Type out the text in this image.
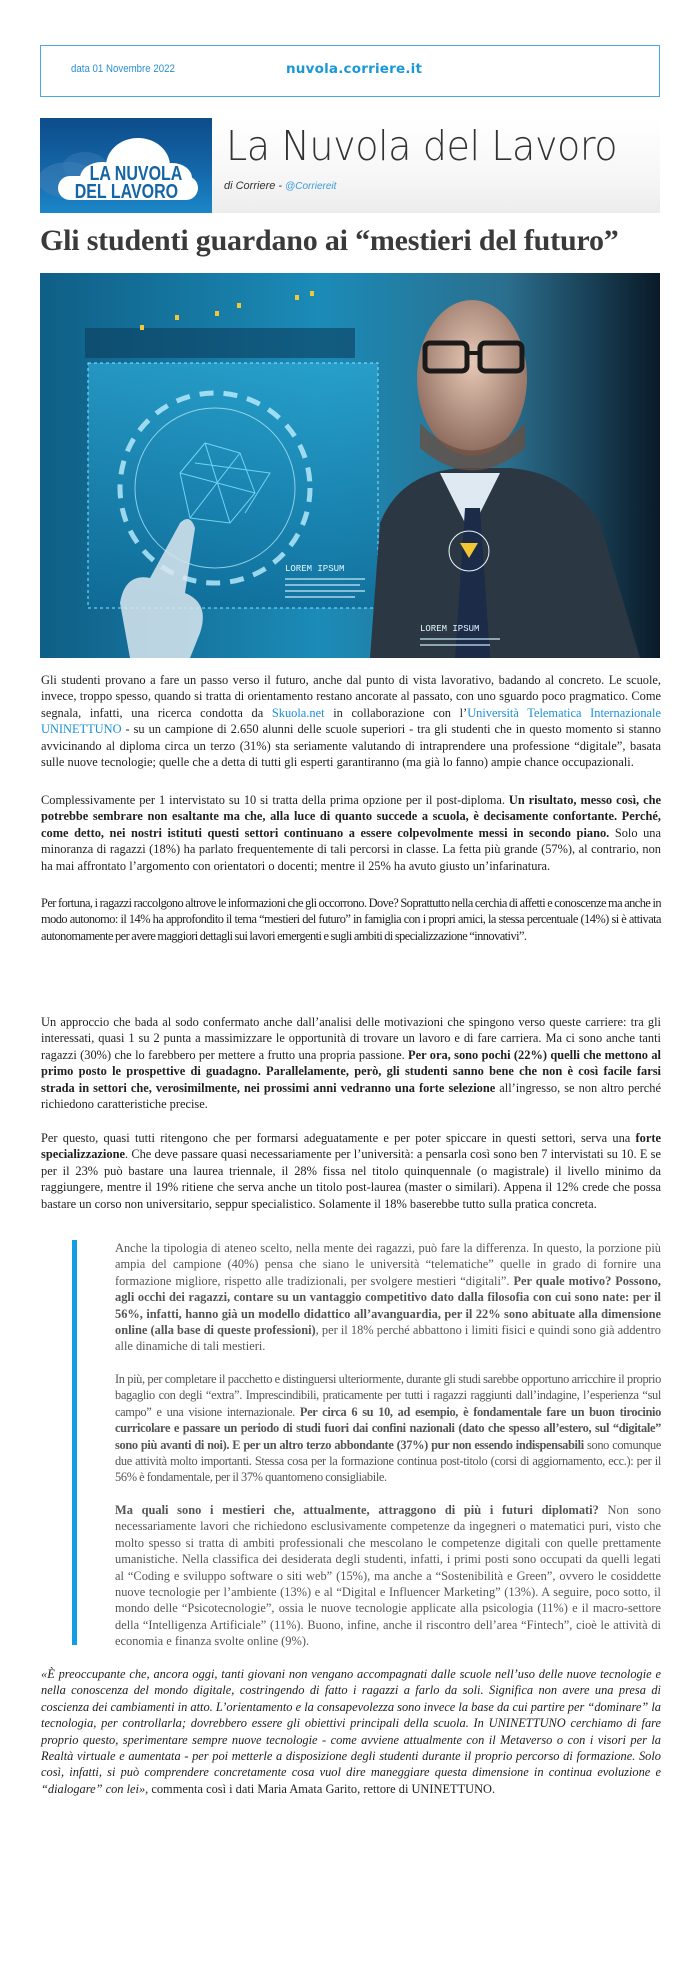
data 01 Novembre 2022	nuvola.corriere.it
LA NUVOLA
DEL LAVORO
La Nuvola del Lavoro
di Corriere - @Corriereit
Gli studenti guardano ai “mestieri del futuro”
LOREM IPSUM
LOREM IPSUM

Gli studenti provano a fare un passo verso il futuro, anche dal punto di vista lavorativo, badando al concreto. Le scuole, invece, troppo spesso, quando si tratta di orientamento restano ancorate al passato, con uno sguardo poco pragmatico. Come segnala, infatti, una ricerca condotta da Skuola.net in collaborazione con l’Università Telematica Internazionale UNINETTUNO - su un campione di 2.650 alunni delle scuole superiori - tra gli studenti che in questo momento si stanno avvicinando al diploma circa un terzo (31%) sta seriamente valutando di intraprendere una professione “digitale”, basata sulle nuove tecnologie; quelle che a detta di tutti gli esperti garantiranno (ma già lo fanno) ampie chance occupazionali.

Complessivamente per 1 intervistato su 10 si tratta della prima opzione per il post-diploma. Un risultato, messo così, che potrebbe sembrare non esaltante ma che, alla luce di quanto succede a scuola, è decisamente confortante. Perché, come detto, nei nostri istituti questi settori continuano a essere colpevolmente messi in secondo piano. Solo una minoranza di ragazzi (18%) ha parlato frequentemente di tali percorsi in classe. La fetta più grande (57%), al contrario, non ha mai affrontato l’argomento con orientatori o docenti; mentre il 25% ha avuto giusto un’infarinatura.

Per fortuna, i ragazzi raccolgono altrove le informazioni che gli occorrono. Dove? Soprattutto nella cerchia di affetti e conoscenze ma anche in modo autonomo: il 14% ha approfondito il tema “mestieri del futuro” in famiglia con i propri amici, la stessa percentuale (14%) si è attivata autonomamente per avere maggiori dettagli sui lavori emergenti e sugli ambiti di specializzazione “innovativi”.

Un approccio che bada al sodo confermato anche dall’analisi delle motivazioni che spingono verso queste carriere: tra gli interessati, quasi 1 su 2 punta a massimizzare le opportunità di trovare un lavoro e di fare carriera. Ma ci sono anche tanti ragazzi (30%) che lo farebbero per mettere a frutto una propria passione. Per ora, sono pochi (22%) quelli che mettono al primo posto le prospettive di guadagno. Parallelamente, però, gli studenti sanno bene che non è così facile farsi strada in settori che, verosimilmente, nei prossimi anni vedranno una forte selezione all’ingresso, se non altro perché richiedono caratteristiche precise.

Per questo, quasi tutti ritengono che per formarsi adeguatamente e per poter spiccare in questi settori, serva una forte specializzazione. Che deve passare quasi necessariamente per l’università: a pensarla così sono ben 7 intervistati su 10. E se per il 23% può bastare una laurea triennale, il 28% fissa nel titolo quinquennale (o magistrale) il livello minimo da raggiungere, mentre il 19% ritiene che serva anche un titolo post-laurea (master o similari). Appena il 12% crede che possa bastare un corso non universitario, seppur specialistico. Solamente il 18% baserebbe tutto sulla pratica concreta.

Anche la tipologia di ateneo scelto, nella mente dei ragazzi, può fare la differenza. In questo, la porzione più ampia del campione (40%) pensa che siano le università “telematiche” quelle in grado di fornire una formazione migliore, rispetto alle tradizionali, per svolgere mestieri “digitali”. Per quale motivo? Possono, agli occhi dei ragazzi, contare su un vantaggio competitivo dato dalla filosofia con cui sono nate: per il 56%, infatti, hanno già un modello didattico all’avanguardia, per il 22% sono abituate alla dimensione online (alla base di queste professioni), per il 18% perché abbattono i limiti fisici e quindi sono già addentro alle dinamiche di tali mestieri.

In più, per completare il pacchetto e distinguersi ulteriormente, durante gli studi sarebbe opportuno arricchire il proprio bagaglio con degli “extra”. Imprescindibili, praticamente per tutti i ragazzi raggiunti dall’indagine, l’esperienza “sul campo” e una visione internazionale. Per circa 6 su 10, ad esempio, è fondamentale fare un buon tirocinio curricolare e passare un periodo di studi fuori dai confini nazionali (dato che spesso all’estero, sul “digitale” sono più avanti di noi). E per un altro terzo abbondante (37%) pur non essendo indispensabili sono comunque due attività molto importanti. Stessa cosa per la formazione continua post-titolo (corsi di aggiornamento, ecc.): per il 56% è fondamentale, per il 37% quantomeno consigliabile.

Ma quali sono i mestieri che, attualmente, attraggono di più i futuri diplomati? Non sono necessariamente lavori che richiedono esclusivamente competenze da ingegneri o matematici puri, visto che molto spesso si tratta di ambiti professionali che mescolano le competenze digitali con quelle prettamente umanistiche. Nella classifica dei desiderata degli studenti, infatti, i primi posti sono occupati da quelli legati al “Coding e sviluppo software o siti web” (15%), ma anche a “Sostenibilità e Green”, ovvero le cosiddette nuove tecnologie per l’ambiente (13%) e al “Digital e Influencer Marketing” (13%). A seguire, poco sotto, il mondo delle “Psicotecnologie”, ossia le nuove tecnologie applicate alla psicologia (11%) e il macro-settore della “Intelligenza Artificiale” (11%). Buono, infine, anche il riscontro dell’area “Fintech”, cioè le attività di economia e finanza svolte online (9%).

«È preoccupante che, ancora oggi, tanti giovani non vengano accompagnati dalle scuole nell’uso delle nuove tecnologie e nella conoscenza del mondo digitale, costringendo di fatto i ragazzi a farlo da soli. Significa non avere una presa di coscienza dei cambiamenti in atto. L’orientamento e la consapevolezza sono invece la base da cui partire per “dominare” la tecnologia, per controllarla; dovrebbero essere gli obiettivi principali della scuola. In UNINETTUNO cerchiamo di fare proprio questo, sperimentare sempre nuove tecnologie - come avviene attualmente con il Metaverso o con i visori per la Realtà virtuale e aumentata - per poi metterle a disposizione degli studenti durante il proprio percorso di formazione. Solo così, infatti, si può comprendere concretamente cosa vuol dire maneggiare questa dimensione in continua evoluzione e “dialogare” con lei», commenta così i dati Maria Amata Garito, rettore di UNINETTUNO.
